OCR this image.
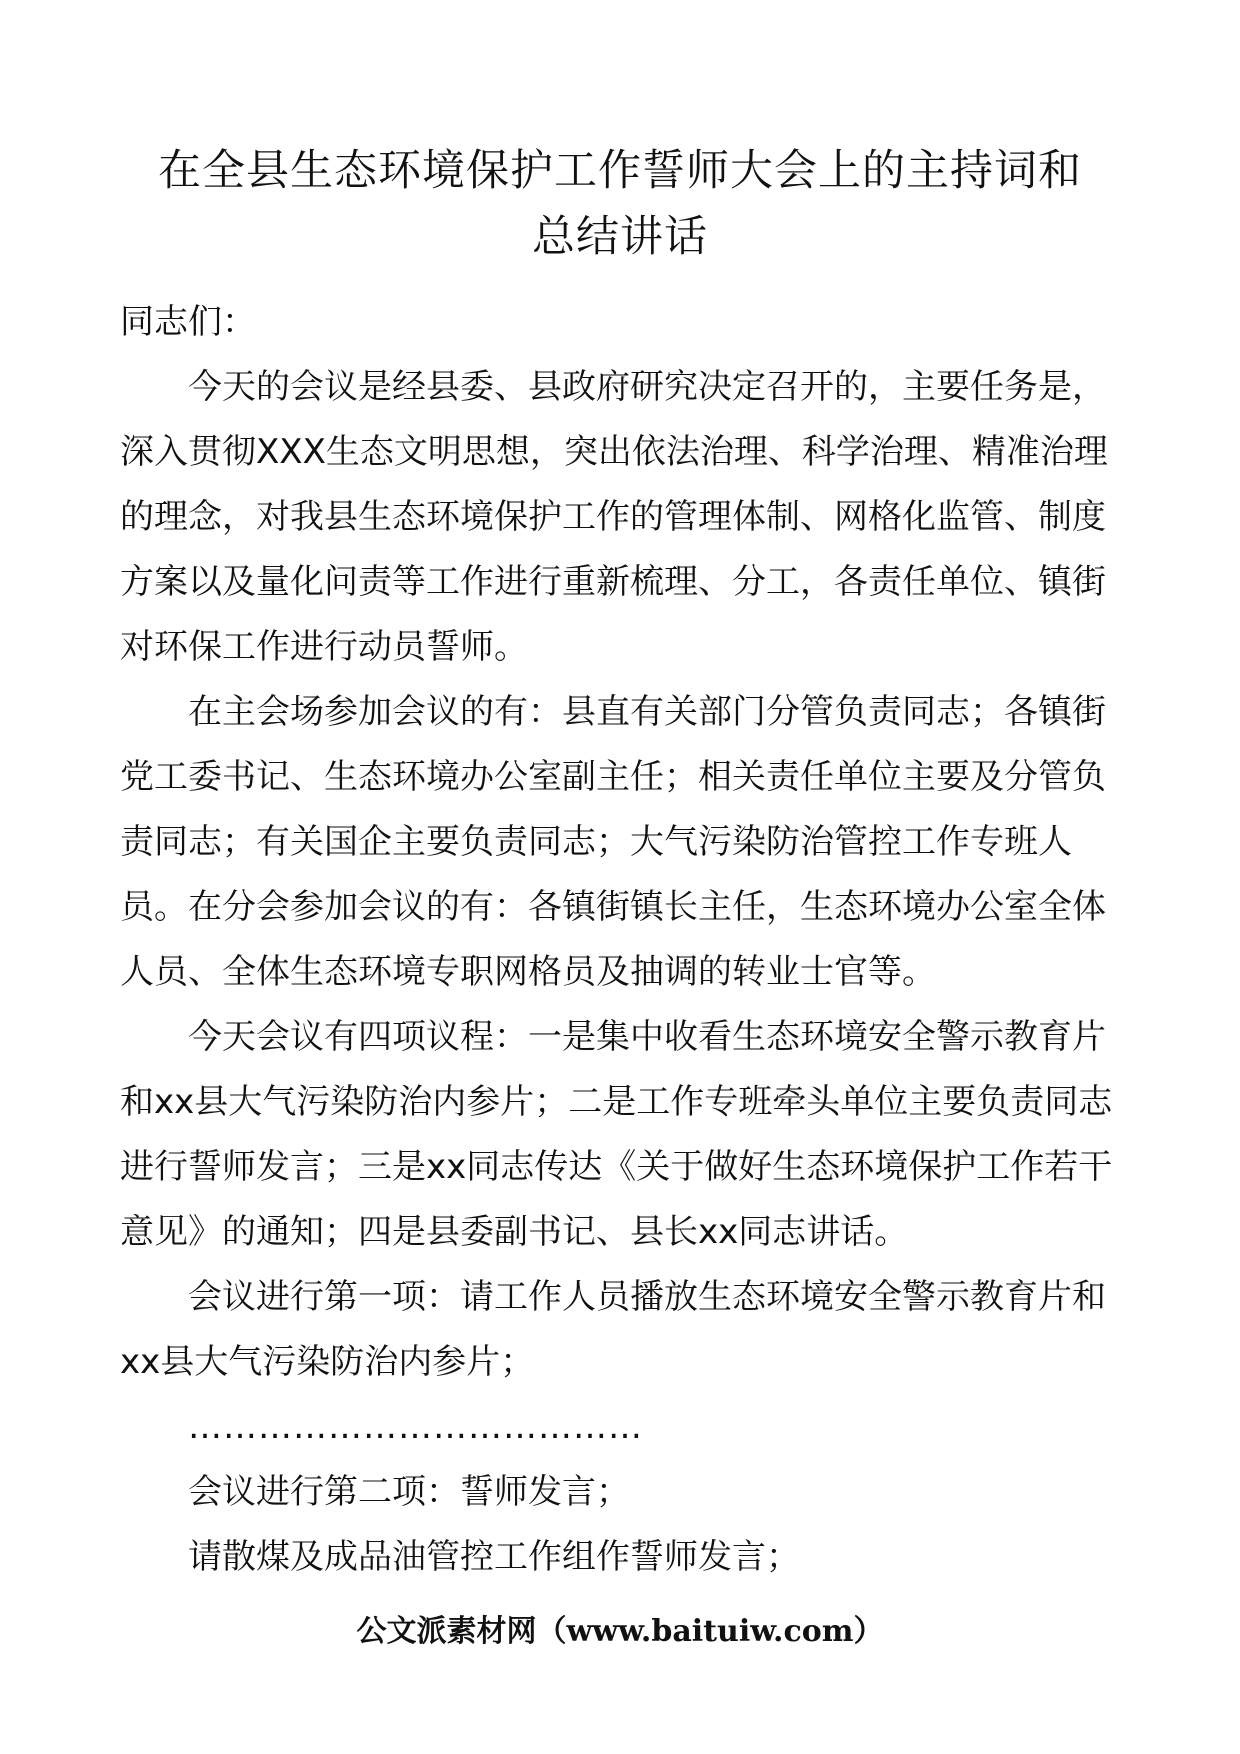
在全县生态环境保护工作誓师大会上的主持词和
总结讲话

同志们：

今天的会议是经县委、县政府研究决定召开的，主要任务是，深入贯彻XXX生态文明思想，突出依法治理、科学治理、精准治理的理念，对我县生态环境保护工作的管理体制、网格化监管、制度方案以及量化问责等工作进行重新梳理、分工，各责任单位、镇街对环保工作进行动员誓师。

在主会场参加会议的有：县直有关部门分管负责同志；各镇街党工委书记、生态环境办公室副主任；相关责任单位主要及分管负责同志；有关国企主要负责同志；大气污染防治管控工作专班人员。在分会参加会议的有：各镇街镇长主任，生态环境办公室全体人员、全体生态环境专职网格员及抽调的转业士官等。

今天会议有四项议程：一是集中收看生态环境安全警示教育片和xx县大气污染防治内参片；二是工作专班牵头单位主要负责同志进行誓师发言；三是xx同志传达《关于做好生态环境保护工作若干意见》的通知；四是县委副书记、县长xx同志讲话。

会议进行第一项：请工作人员播放生态环境安全警示教育片和xx县大气污染防治内参片；

…………………………………

会议进行第二项：誓师发言；

请散煤及成品油管控工作组作誓师发言；

公文派素材网（www.baituiw.com）
